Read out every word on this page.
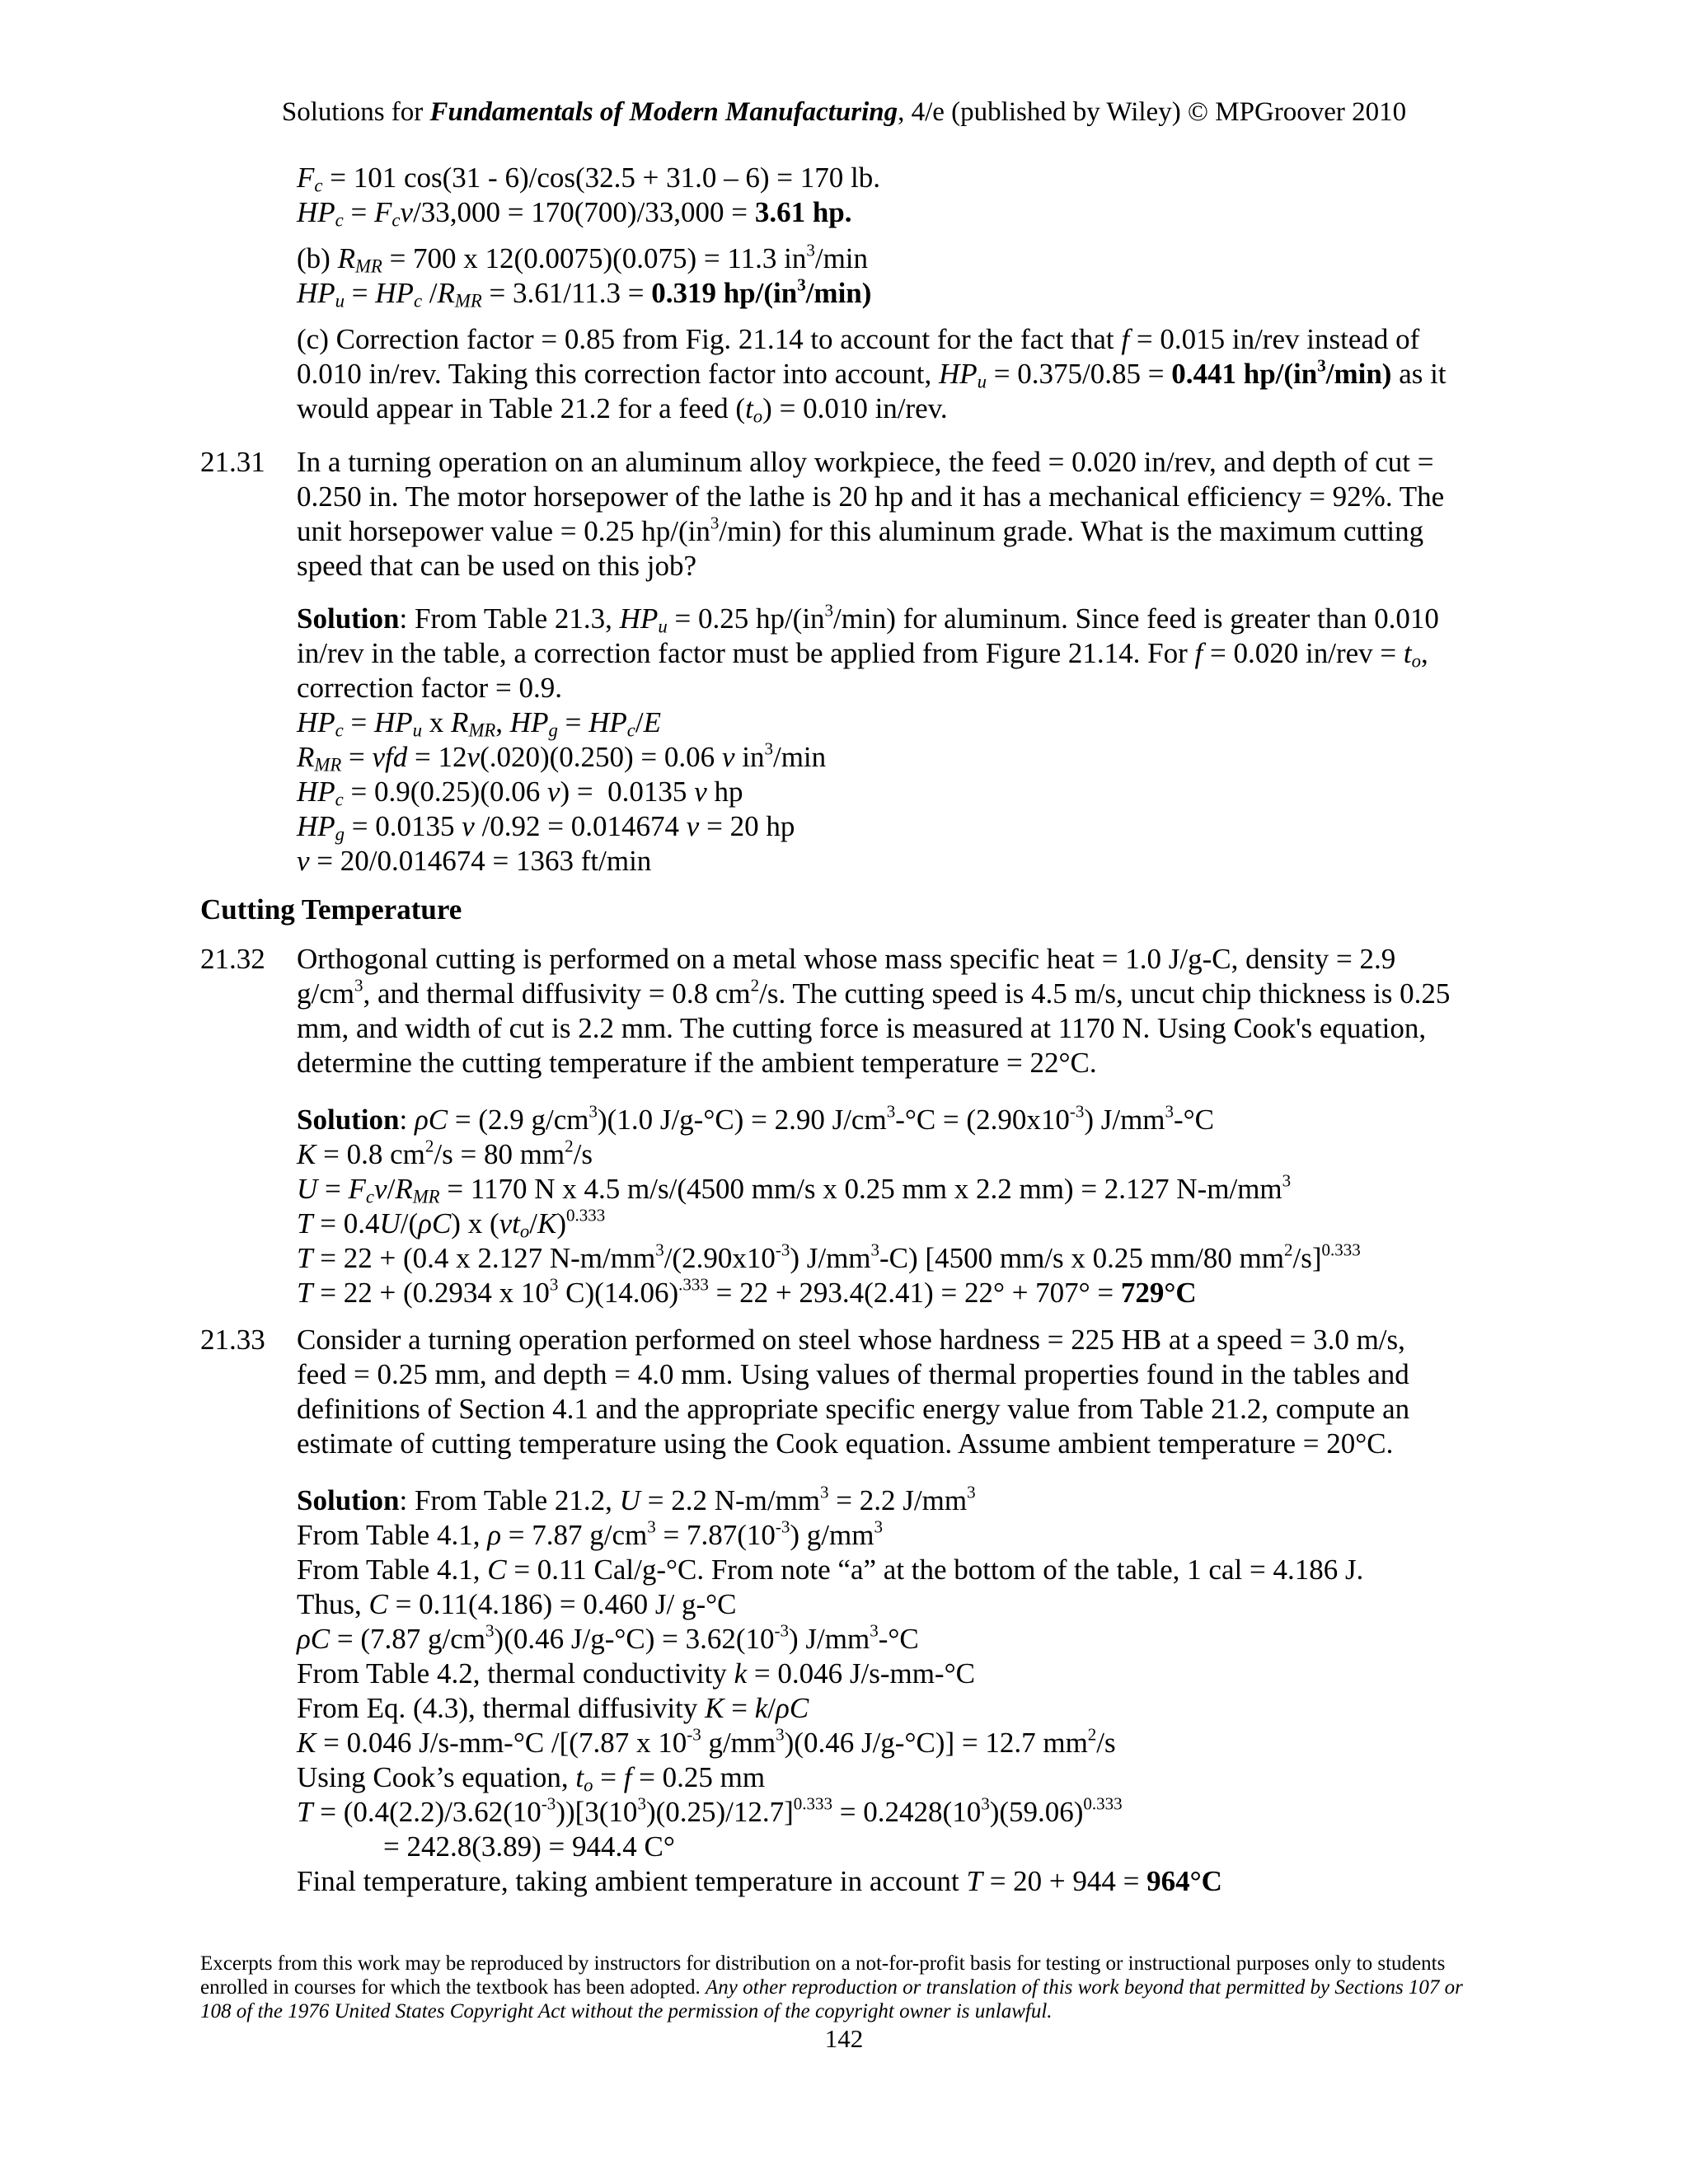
Solutions for Fundamentals of Modern Manufacturing, 4/e (published by Wiley) © MPGroover 2010
$F_c = 101$ cos(31 - 6)/cos(32.5 + 31.0 – 6) = 170 lb.
$HP_c = F_cv/33,000 = 170(700)/33,000 = 3.61$ hp.
(b) $R_{MR} = 700$ x 12(0.0075)(0.075) = 11.3 $in^3/\min$
$HP_u = HP_c$ $/R_{MR} = 3.61/11.3 = 0.319$ $hp/(in^3/\min)$
(c) Correction factor = 0.85 from Fig. 21.14 to account for the fact that f = 0.015 in/rev instead of
0.010 in/rev. Taking this correction factor into account, $HP_u = 0.375/0.85 = 0.441$ $hp/(in^3/\min)$ as it
would appear in Table 21.2 for a feed $(t_o) = 0.010$ in/rev.
21.31 In a turning operation on an aluminum alloy workpiece, the feed = 0.020 in/rev, and depth of cut =
0.250 in. The motor horsepower of the lathe is 20 hp and it has a mechanical efficiency = 92%. The
unit horsepower value = 0.25 $hp/(in^3/\min)$ for this aluminum grade. What is the maximum cutting
speed that can be used on this job?
Solution: From Table 21.3, $HP_u = 0.25$ $hp/(in^3/\min)$ for aluminum. Since feed is greater than 0.010
in/rev in the table, a correction factor must be applied from Figure 21.14. For f = 0.020 $in/rev = t_o$,
correction factor = 0.9.
$HP_c = HP_u$ x $R_{MR}$, $HP_g = HP_c/E$
$R_{MR}$ = vfd = 12v(.020)(0.250) = 0.06 v $in^3/\min$
$HP_c = 0.9(0.25)(0.06$ v) =  0.0135 v hp
$HP_g = 0.0135$ v /0.92 = 0.014674 v = 20 hp
v = 20/0.014674 = 1363 ft/min
Cutting Temperature
21.32 Orthogonal cutting is performed on a metal whose mass specific heat = 1.0 J/g-C, density = 2.9
$g/cm^3$, and thermal diffusivity = 0.8 $cm^2/s$. The cutting speed is 4.5 m/s, uncut chip thickness is 0.25
mm, and width of cut is 2.2 mm. The cutting force is measured at 1170 N. Using Cook's equation,
determine the cutting temperature if the ambient temperature = 22°C.
Solution: ρC = (2.9 $g/cm^3)(1.0$ J/g-°C) = 2.90 $J/cm^3-^\circ C = (2.90x10^{-3})$ $J/mm^3-^\circ C$
K = 0.8 $cm^2/s = 80$ $mm^2/s$
$U = F_cv/R_{MR} = 1170$ N x 4.5 m/s/(4500 mm/s x 0.25 mm x 2.2 mm) = 2.127 $N-m/mm^3$
T = 0.4U/(ρC) x $(vt_o/K)^{0.333}$
T = 22 + (0.4 x 2.127 $N-m/mm^3/(2.90x10^{-3})$ $J/mm^3-C$) [4500 mm/s x 0.25 mm/80 $mm^2/s]^{0.333}$
T = 22 + (0.2934 x $10^3$ $C)(14.06)^{.333} = 22 + 293.4(2.41) = 22^\circ + 707^\circ = 729^\circ C$
21.33 Consider a turning operation performed on steel whose hardness = 225 HB at a speed = 3.0 m/s,
feed = 0.25 mm, and depth = 4.0 mm. Using values of thermal properties found in the tables and
definitions of Section 4.1 and the appropriate specific energy value from Table 21.2, compute an
estimate of cutting temperature using the Cook equation. Assume ambient temperature = 20°C.
Solution: From Table 21.2, U = 2.2 $N-m/mm^3 = 2.2$ $J/mm^3$
From Table 4.1, ρ = 7.87 $g/cm^3 = 7.87(10^{-3})$ $g/mm^3$
From Table 4.1, C = 0.11 Cal/g-°C. From note “a” at the bottom of the table, 1 cal = 4.186 J.
Thus, C = 0.11(4.186) = 0.460 J/ g-°C
ρC = (7.87 $g/cm^3)(0.46$ $J/g-^\circ C) = 3.62(10^{-3})$ $J/mm^3-^\circ C$
From Table 4.2, thermal conductivity k = 0.046 J/s-mm-°C
From Eq. (4.3), thermal diffusivity K = k/ρC
K = 0.046 J/s-mm-°C /[(7.87 x $10^{-3}$ $g/mm^3)(0.46$ J/g-°C)] = 12.7 $mm^2/s$
Using Cook’s equation, $t_o = f = 0.25$ mm
$T = (0.4(2.2)/3.62(10^{-3}))[3(10^3)(0.25)/12.7]^{0.333} = 0.2428(10^3)(59.06)^{0.333}$
= 242.8(3.89) = 944.4 C°
Final temperature, taking ambient temperature in account T = 20 + 944 = 964°C
Excerpts from this work may be reproduced by instructors for distribution on a not-for-profit basis for testing or instructional purposes only to students enrolled in courses for which the textbook has been adopted. Any other reproduction or translation of this work beyond that permitted by Sections 107 or 108 of the 1976 United States Copyright Act without the permission of the copyright owner is unlawful.
142
